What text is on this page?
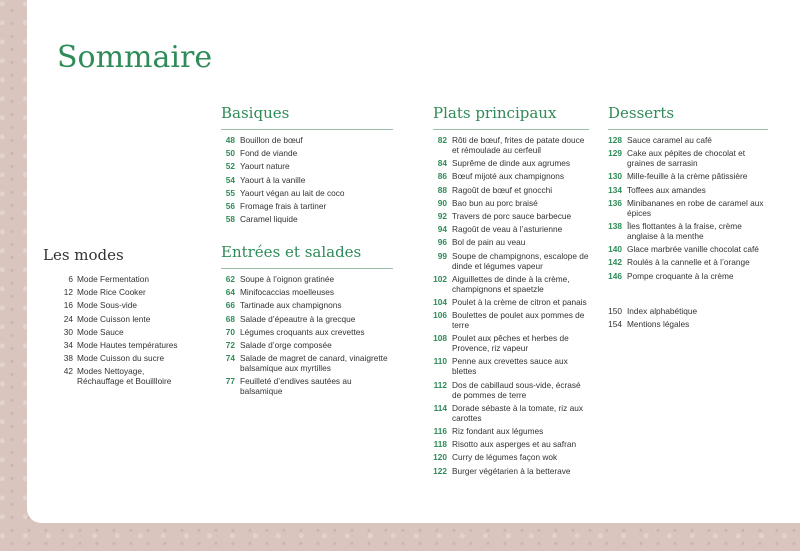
Sommaire
Les modes
6 Mode Fermentation
12 Mode Rice Cooker
16 Mode Sous-vide
24 Mode Cuisson lente
30 Mode Sauce
34 Mode Hautes températures
38 Mode Cuisson du sucre
42 Modes Nettoyage, Réchauffage et Bouillloire
Basiques
48 Bouillon de bœuf
50 Fond de viande
52 Yaourt nature
54 Yaourt à la vanille
55 Yaourt végan au lait de coco
56 Fromage frais à tartiner
58 Caramel liquide
Entrées et salades
62 Soupe à l’oignon gratinée
64 Minifocaccias moelleuses
66 Tartinade aux champignons
68 Salade d’épeautre à la grecque
70 Légumes croquants aux crevettes
72 Salade d’orge composée
74 Salade de magret de canard, vinaigrette balsamique aux myrtilles
77 Feuilleté d’endives sautées au balsamique
Plats principaux
82 Rôti de bœuf, frites de patate douce et rémoulade au cerfeuil
84 Suprême de dinde aux agrumes
86 Bœuf mijoté aux champignons
88 Ragoût de bœuf et gnocchi
90 Bao bun au porc braisé
92 Travers de porc sauce barbecue
94 Ragoût de veau à l’asturienne
96 Bol de pain au veau
99 Soupe de champignons, escalope de dinde et légumes vapeur
102 Aiguillettes de dinde à la crème, champignons et spaetzle
104 Poulet à la crème de citron et panais
106 Boulettes de poulet aux pommes de terre
108 Poulet aux pêches et herbes de Provence, riz vapeur
110 Penne aux crevettes sauce aux blettes
112 Dos de cabillaud sous-vide, écrasé de pommes de terre
114 Dorade sébaste à la tomate, riz aux carottes
116 Riz fondant aux légumes
118 Risotto aux asperges et au safran
120 Curry de légumes façon wok
122 Burger végétarien à la betterave
Desserts
128 Sauce caramel au café
129 Cake aux pépites de chocolat et graines de sarrasin
130 Mille-feuille à la crème pâtissière
134 Toffees aux amandes
136 Minibananes en robe de caramel aux épices
138 Îles flottantes à la fraise, crème anglaise à la menthe
140 Glace marbrée vanille chocolat café
142 Roulés à la cannelle et à l’orange
146 Pompe croquante à la crème
150 Index alphabétique
154 Mentions légales
